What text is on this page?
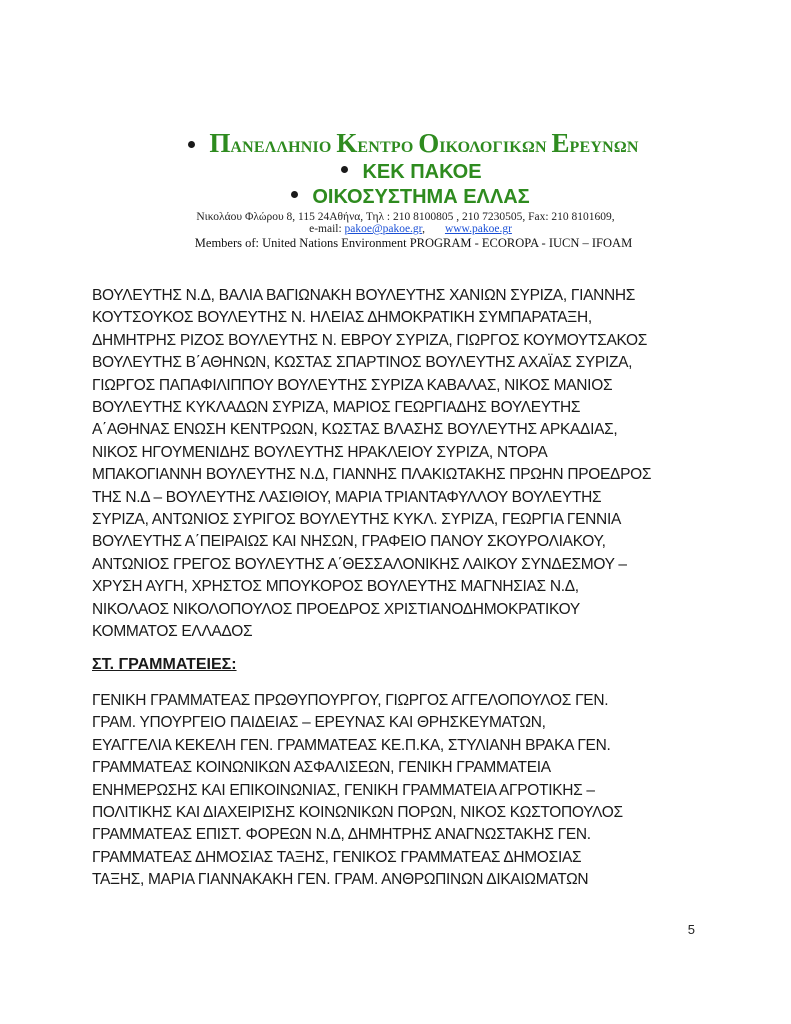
ΠΑΝΕΛΛΗΝΙΟ ΚΕΝΤΡΟ ΟΙΚΟΛΟΓΙΚΩΝ ΕΡΕΥΝΩΝ
ΚΕΚ ΠΑΚΟΕ
ΟΙΚΟΣΥΣΤΗΜΑ ΕΛΛΑΣ
Νικολάου Φλώρου 8, 115 24Αθήνα, Τηλ : 210 8100805 , 210 7230505, Fax: 210 8101609,
e-mail: pakoe@pakoe.gr, www.pakoe.gr
Members of: United Nations Environment PROGRAM - ECOROPA - IUCN – IFOAM
ΒΟΥΛΕΥΤΗΣ Ν.Δ, ΒΑΛΙΑ ΒΑΓΙΩΝΑΚΗ ΒΟΥΛΕΥΤΗΣ ΧΑΝΙΩΝ ΣΥΡΙΖΑ, ΓΙΑΝΝΗΣ
ΚΟΥΤΣΟΥΚΟΣ ΒΟΥΛΕΥΤΗΣ Ν. ΗΛΕΙΑΣ ΔΗΜΟΚΡΑΤΙΚΗ ΣΥΜΠΑΡΑΤΑΞΗ,
ΔΗΜΗΤΡΗΣ ΡΙΖΟΣ ΒΟΥΛΕΥΤΗΣ Ν. ΕΒΡΟΥ ΣΥΡΙΖΑ, ΓΙΩΡΓΟΣ ΚΟΥΜΟΥΤΣΑΚΟΣ
ΒΟΥΛΕΥΤΗΣ Β΄ΑΘΗΝΩΝ, ΚΩΣΤΑΣ ΣΠΑΡΤΙΝΟΣ ΒΟΥΛΕΥΤΗΣ ΑΧΑΪΑΣ ΣΥΡΙΖΑ,
ΓΙΩΡΓΟΣ ΠΑΠΑΦΙΛΙΠΠΟΥ ΒΟΥΛΕΥΤΗΣ ΣΥΡΙΖΑ ΚΑΒΑΛΑΣ, ΝΙΚΟΣ ΜΑΝΙΟΣ
ΒΟΥΛΕΥΤΗΣ ΚΥΚΛΑΔΩΝ ΣΥΡΙΖΑ, ΜΑΡΙΟΣ ΓΕΩΡΓΙΑΔΗΣ ΒΟΥΛΕΥΤΗΣ
Α΄ΑΘΗΝΑΣ ΕΝΩΣΗ ΚΕΝΤΡΩΩΝ, ΚΩΣΤΑΣ ΒΛΑΣΗΣ ΒΟΥΛΕΥΤΗΣ ΑΡΚΑΔΙΑΣ,
ΝΙΚΟΣ ΗΓΟΥΜΕΝΙΔΗΣ ΒΟΥΛΕΥΤΗΣ ΗΡΑΚΛΕΙΟΥ ΣΥΡΙΖΑ, ΝΤΟΡΑ
ΜΠΑΚΟΓΙΑΝΝΗ ΒΟΥΛΕΥΤΗΣ Ν.Δ, ΓΙΑΝΝΗΣ ΠΛΑΚΙΩΤΑΚΗΣ ΠΡΩΗΝ ΠΡΟΕΔΡΟΣ
ΤΗΣ Ν.Δ – ΒΟΥΛΕΥΤΗΣ ΛΑΣΙΘΙΟΥ, ΜΑΡΙΑ ΤΡΙΑΝΤΑΦΥΛΛΟΥ ΒΟΥΛΕΥΤΗΣ
ΣΥΡΙΖΑ, ΑΝΤΩΝΙΟΣ ΣΥΡΙΓΟΣ ΒΟΥΛΕΥΤΗΣ ΚΥΚΛ. ΣΥΡΙΖΑ, ΓΕΩΡΓΙΑ ΓΕΝΝΙΑ
ΒΟΥΛΕΥΤΗΣ Α΄ΠΕΙΡΑΙΩΣ ΚΑΙ ΝΗΣΩΝ, ΓΡΑΦΕΙΟ ΠΑΝΟΥ ΣΚΟΥΡΟΛΙΑΚΟΥ,
ΑΝΤΩΝΙΟΣ ΓΡΕΓΟΣ ΒΟΥΛΕΥΤΗΣ Α΄ΘΕΣΣΑΛΟΝΙΚΗΣ ΛΑΙΚΟΥ ΣΥΝΔΕΣΜΟΥ –
ΧΡΥΣΗ ΑΥΓΗ, ΧΡΗΣΤΟΣ ΜΠΟΥΚΟΡΟΣ ΒΟΥΛΕΥΤΗΣ ΜΑΓΝΗΣΙΑΣ Ν.Δ,
ΝΙΚΟΛΑΟΣ ΝΙΚΟΛΟΠΟΥΛΟΣ ΠΡΟΕΔΡΟΣ ΧΡΙΣΤΙΑΝΟΔΗΜΟΚΡΑΤΙΚΟΥ
ΚΟΜΜΑΤΟΣ ΕΛΛΑΔΟΣ
ΣΤ. ΓΡΑΜΜΑΤΕΙΕΣ:
ΓΕΝΙΚΗ ΓΡΑΜΜΑΤΕΑΣ ΠΡΩΘΥΠΟΥΡΓΟΥ, ΓΙΩΡΓΟΣ ΑΓΓΕΛΟΠΟΥΛΟΣ ΓΕΝ.
ΓΡΑΜ. ΥΠΟΥΡΓΕΙΟ ΠΑΙΔΕΙΑΣ – ΕΡΕΥΝΑΣ ΚΑΙ ΘΡΗΣΚΕΥΜΑΤΩΝ,
ΕΥΑΓΓΕΛΙΑ ΚΕΚΕΛΗ ΓΕΝ. ΓΡΑΜΜΑΤΕΑΣ ΚΕ.Π.ΚΑ, ΣΤΥΛΙΑΝΗ ΒΡΑΚΑ ΓΕΝ.
ΓΡΑΜΜΑΤΕΑΣ ΚΟΙΝΩΝΙΚΩΝ ΑΣΦΑΛΙΣΕΩΝ, ΓΕΝΙΚΗ ΓΡΑΜΜΑΤΕΙΑ
ΕΝΗΜΕΡΩΣΗΣ ΚΑΙ ΕΠΙΚΟΙΝΩΝΙΑΣ, ΓΕΝΙΚΗ ΓΡΑΜΜΑΤΕΙΑ ΑΓΡΟΤΙΚΗΣ –
ΠΟΛΙΤΙΚΗΣ ΚΑΙ ΔΙΑΧΕΙΡΙΣΗΣ ΚΟΙΝΩΝΙΚΩΝ ΠΟΡΩΝ, ΝΙΚΟΣ ΚΩΣΤΟΠΟΥΛΟΣ
ΓΡΑΜΜΑΤΕΑΣ ΕΠΙΣΤ. ΦΟΡΕΩΝ Ν.Δ, ΔΗΜΗΤΡΗΣ ΑΝΑΓΝΩΣΤΑΚΗΣ ΓΕΝ.
ΓΡΑΜΜΑΤΕΑΣ ΔΗΜΟΣΙΑΣ ΤΑΞΗΣ, ΓΕΝΙΚΟΣ ΓΡΑΜΜΑΤΕΑΣ ΔΗΜΟΣΙΑΣ
ΤΑΞΗΣ, ΜΑΡΙΑ ΓΙΑΝΝΑΚΑΚΗ ΓΕΝ. ΓΡΑΜ. ΑΝΘΡΩΠΙΝΩΝ ΔΙΚΑΙΩΜΑΤΩΝ
5
